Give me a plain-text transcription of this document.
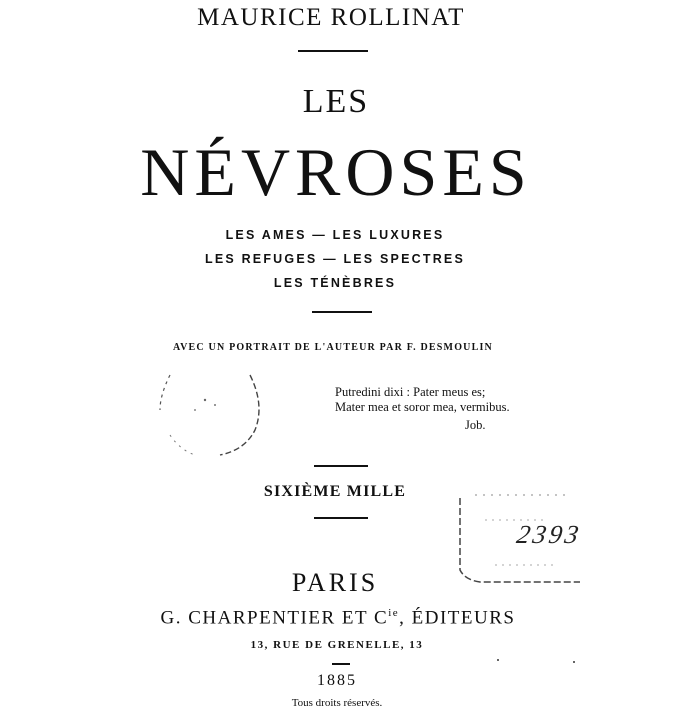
MAURICE ROLLINAT
LES
NÉVROSES
LES AMES — LES LUXURES
LES REFUGES — LES SPECTRES
LES TÉNÈBRES
AVEC UN PORTRAIT DE L'AUTEUR PAR F. DESMOULIN
Putredini dixi : Pater meus es;
Mater mea et soror mea, vermibus.
Job.
SIXIÈME MILLE
2393
PARIS
G. CHARPENTIER ET $C^{ie}$, ÉDITEURS
13, RUE DE GRENELLE, 13
1885
Tous droits réservés.
